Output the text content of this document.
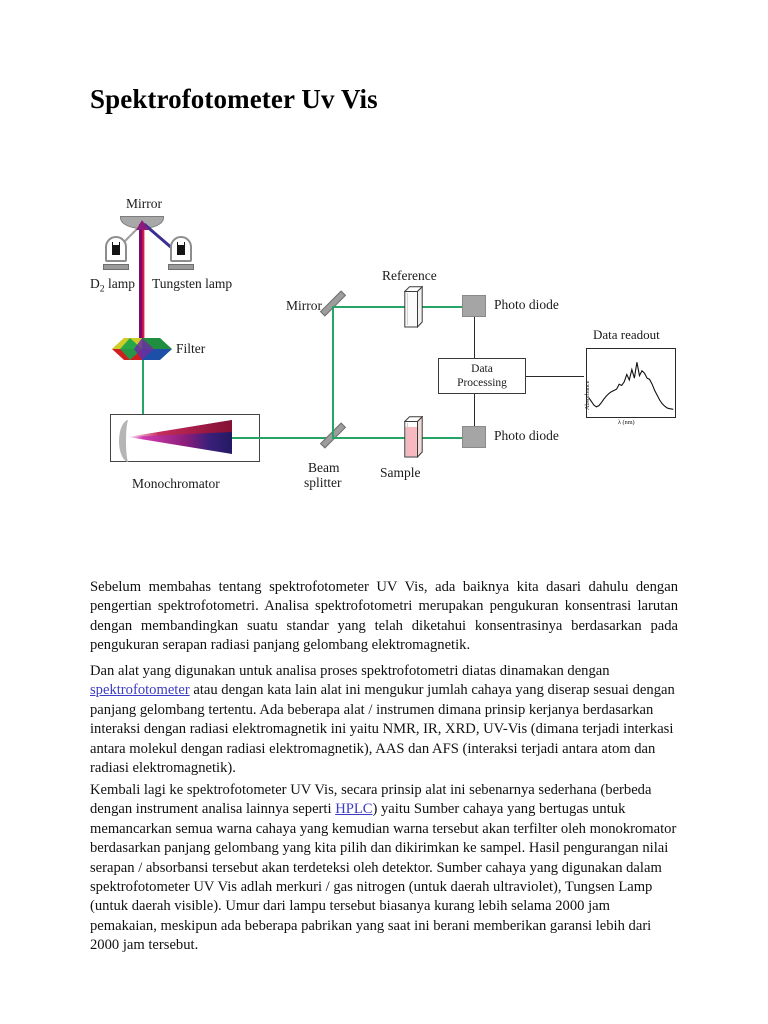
Spektrofotometer Uv Vis
Mirror
$D_2$ lamp Tungsten lamp
Filter
Monochromator
Beam
splitter
Mirror
Reference
Sample
Photo diode
Photo diode
Data
Processing
Data readout
Absorbance
λ (nm)
Sebelum membahas tentang spektrofotometer UV Vis, ada baiknya kita dasari dahulu dengan pengertian spektrofotometri. Analisa spektrofotometri merupakan pengukuran konsentrasi larutan dengan membandingkan suatu standar yang telah diketahui konsentrasinya berdasarkan pada pengukuran serapan radiasi panjang gelombang elektromagnetik.
Dan alat yang digunakan untuk analisa proses spektrofotometri diatas dinamakan dengan spektrofotometer atau dengan kata lain alat ini mengukur jumlah cahaya yang diserap sesuai dengan panjang gelombang tertentu. Ada beberapa alat / instrumen dimana prinsip kerjanya berdasarkan interaksi dengan radiasi elektromagnetik ini yaitu NMR, IR, XRD, UV-Vis (dimana terjadi interkasi antara molekul dengan radiasi elektromagnetik), AAS dan AFS (interaksi terjadi antara atom dan radiasi elektromagnetik).
Kembali lagi ke spektrofotometer UV Vis, secara prinsip alat ini sebenarnya sederhana (berbeda dengan instrument analisa lainnya seperti HPLC) yaitu Sumber cahaya yang bertugas untuk memancarkan semua warna cahaya yang kemudian warna tersebut akan terfilter oleh monokromator berdasarkan panjang gelombang yang kita pilih dan dikirimkan ke sampel. Hasil pengurangan nilai serapan / absorbansi tersebut akan terdeteksi oleh detektor. Sumber cahaya yang digunakan dalam spektrofotometer UV Vis adlah merkuri / gas nitrogen (untuk daerah ultraviolet), Tungsen Lamp (untuk daerah visible). Umur dari lampu tersebut biasanya kurang lebih selama 2000 jam pemakaian, meskipun ada beberapa pabrikan yang saat ini berani memberikan garansi lebih dari 2000 jam tersebut.
